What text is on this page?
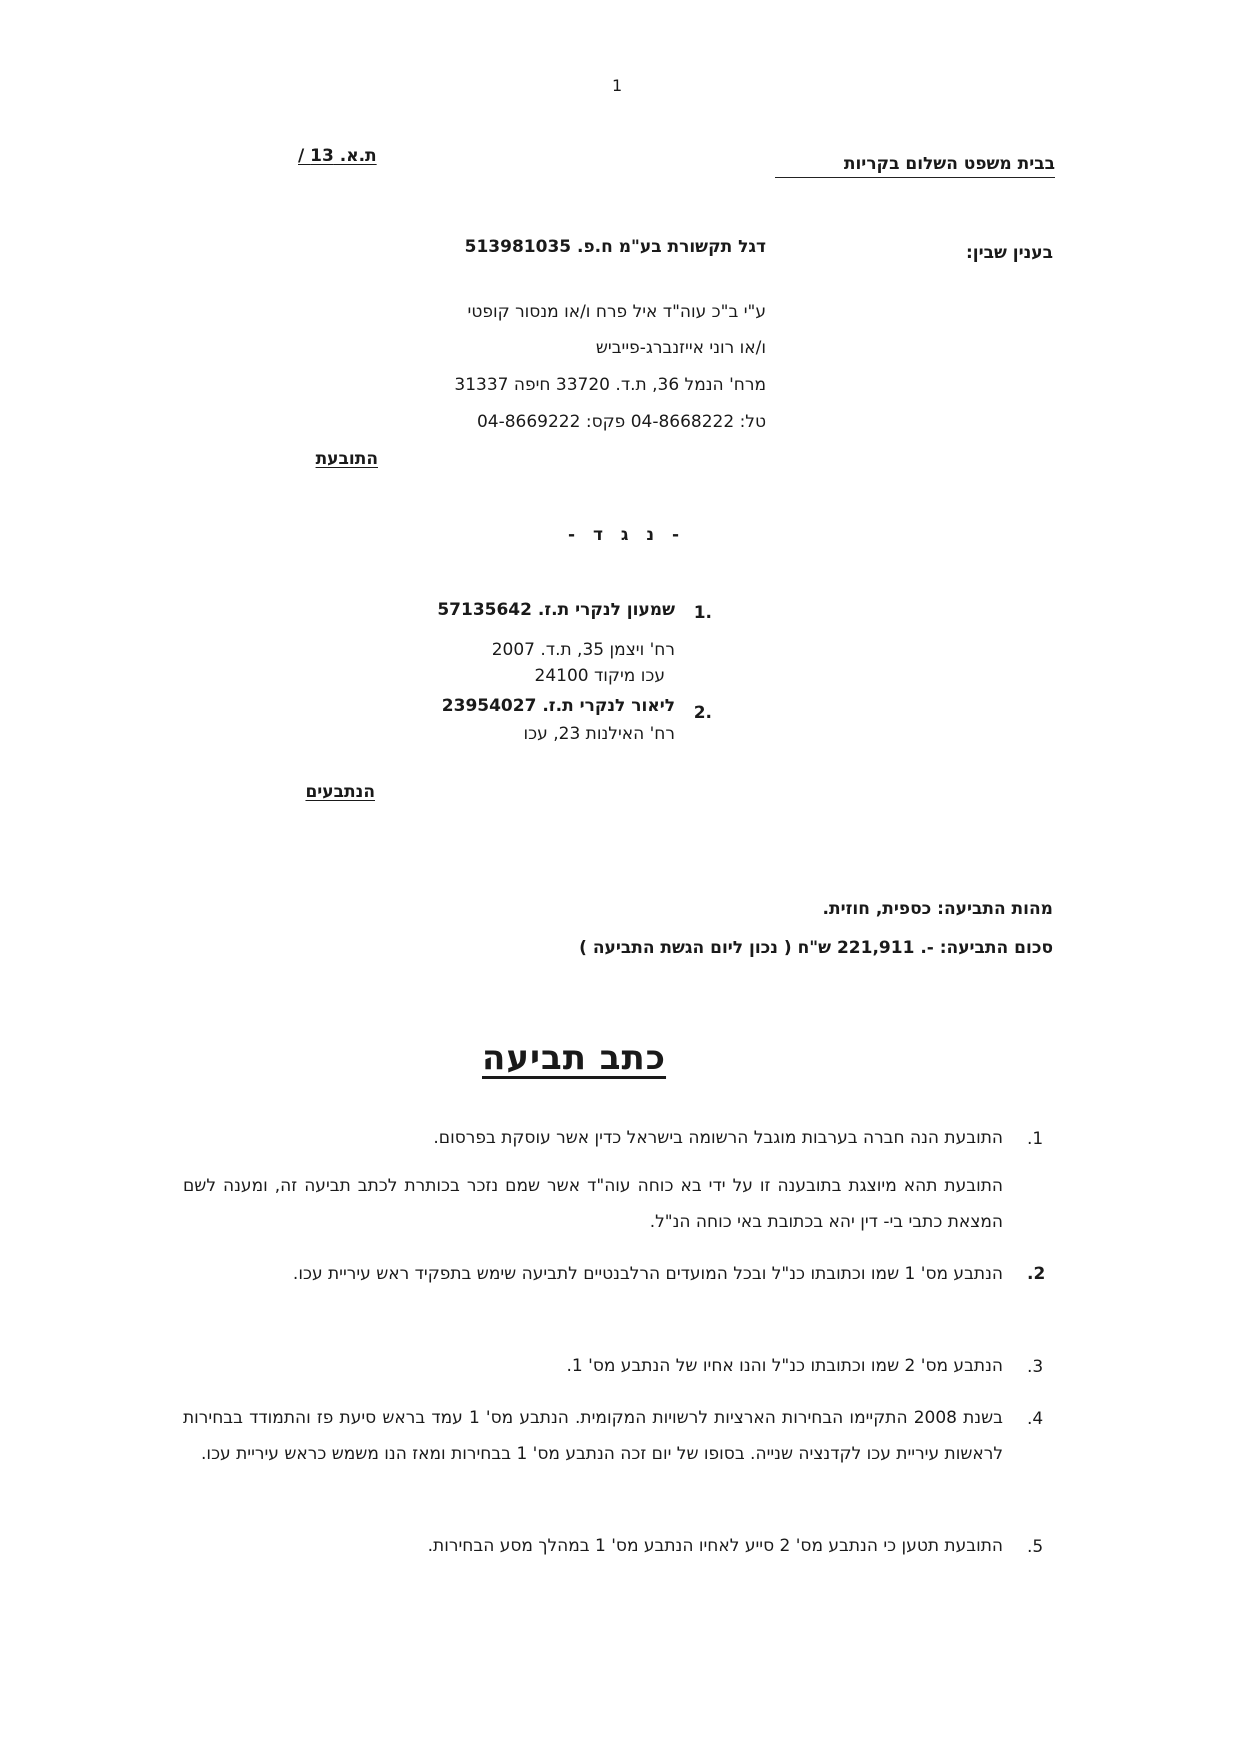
1
בבית משפט השלום בקריות
ת.א. 13 /
בענין שבין:
דגל תקשורת בע"מ ח.פ. 513981035
ע"י ב"כ עוה"ד איל פרח ו/או מנסור קופטי
ו/או רוני אייזנברג-פייביש
מרח' הנמל 36, ת.ד. 33720 חיפה 31337
טל: 04-8668222 פקס: 04-8669222
התובעת
- נ ג ד -
.1
שמעון לנקרי ת.ז. 57135642
רח' ויצמן 35, ת.ד. 2007
עכו מיקוד 24100
.2
ליאור לנקרי ת.ז. 23954027
רח' האילנות 23, עכו
הנתבעים
מהות התביעה: כספית, חוזית.
סכום התביעה: -. 221,911 ש"ח ( נכון ליום הגשת התביעה )
כתב תביעה
.1
התובעת הנה חברה בערבות מוגבל הרשומה בישראל כדין אשר עוסקת בפרסום.
התובעת תהא מיוצגת בתובענה זו על ידי בא כוחה עוה"ד אשר שמם נזכר בכותרת לכתב תביעה זה, ומענה לשם המצאת כתבי בי- דין יהא בכתובת באי כוחה הנ"ל.
.2
הנתבע מס' 1 שמו וכתובתו כנ"ל ובכל המועדים הרלבנטיים לתביעה שימש בתפקיד ראש עיריית עכו.
.3
הנתבע מס' 2 שמו וכתובתו כנ"ל והנו אחיו של הנתבע מס' 1.
.4
בשנת 2008 התקיימו הבחירות הארציות לרשויות המקומית. הנתבע מס' 1 עמד בראש סיעת פז והתמודד בבחירות לראשות עיריית עכו לקדנציה שנייה. בסופו של יום זכה הנתבע מס' 1 בבחירות ומאז הנו משמש כראש עיריית עכו.
.5
התובעת תטען כי הנתבע מס' 2 סייע לאחיו הנתבע מס' 1 במהלך מסע הבחירות.
